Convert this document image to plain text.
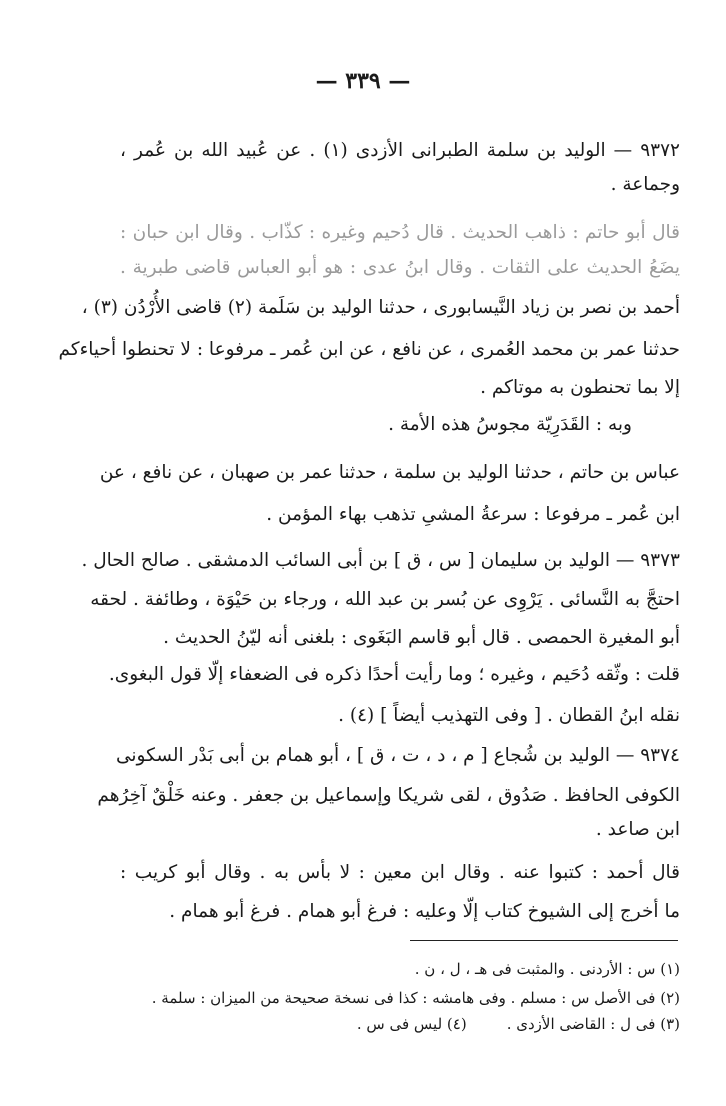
— ٣٣٩ —
٩٣٧٢ — الوليد بن سلمة الطبرانى الأزدى (١) . عن عُبيد الله بن عُمر ،
وجماعة .
قال أبو حاتم : ذاهب الحديث . قال دُحيم وغيره : كذّاب . وقال ابن حبان :
يضَعُ الحديث على الثقات . وقال ابنُ عدى : هو أبو العباس قاضى طبرية .
أحمد بن نصر بن زياد النَّيسابورى ، حدثنا الوليد بن سَلَمة (٢) قاضى الأُرْدُن (٣) ،
حدثنا عمر بن محمد العُمرى ، عن نافع ، عن ابن عُمر ـ مرفوعا : لا تحنطوا أحياءكم
إلا بما تحنطون به موتاكم .
وبه : القَدَرِيّة مجوسُ هذه الأمة .
عباس بن حاتم ، حدثنا الوليد بن سلمة ، حدثنا عمر بن صهبان ، عن نافع ، عن
ابن عُمر ـ مرفوعا : سرعةُ المشىِ تذهب بهاء المؤمن .
٩٣٧٣ — الوليد بن سليمان [ س ، ق ] بن أبى السائب الدمشقى . صالح الحال .
احتجَّ به النَّسائى . يَرْوِى عن بُسر بن عبد الله ، ورجاء بن حَيْوَة ، وطائفة . لحقه
أبو المغيرة الحمصى . قال أبو قاسم البَغَوى : بلغنى أنه ليّنُ الحديث .
قلت : وثّقه دُحَيم ، وغيره ؛ وما رأيت أحدًا ذكره فى الضعفاء إلّا قول البغوى.
نقله ابنُ القطان . [ وفى التهذيب أيضاً ] (٤) .
٩٣٧٤ — الوليد بن شُجاع [ م ، د ، ت ، ق ] ، أبو همام بن أبى بَدْر السكونى
الكوفى الحافظ . صَدُوق ، لقى شريكا وإسماعيل بن جعفر . وعنه خَلْقٌ آخِرُهم
ابن صاعد .
قال أحمد : كتبوا عنه . وقال ابن معين : لا بأس به . وقال أبو كريب :
ما أخرج إلى الشيوخ كتاب إلّا وعليه : فرغ أبو همام . فرغ أبو همام .
(١) س : الأردنى . والمثبت فى هـ ، ل ، ن .
(٢) فى الأصل س : مسلم . وفى هامشه : كذا فى نسخة صحيحة من الميزان : سلمة .
(٣) فى ل : القاضى الأزدى .(٤) ليس فى س .
